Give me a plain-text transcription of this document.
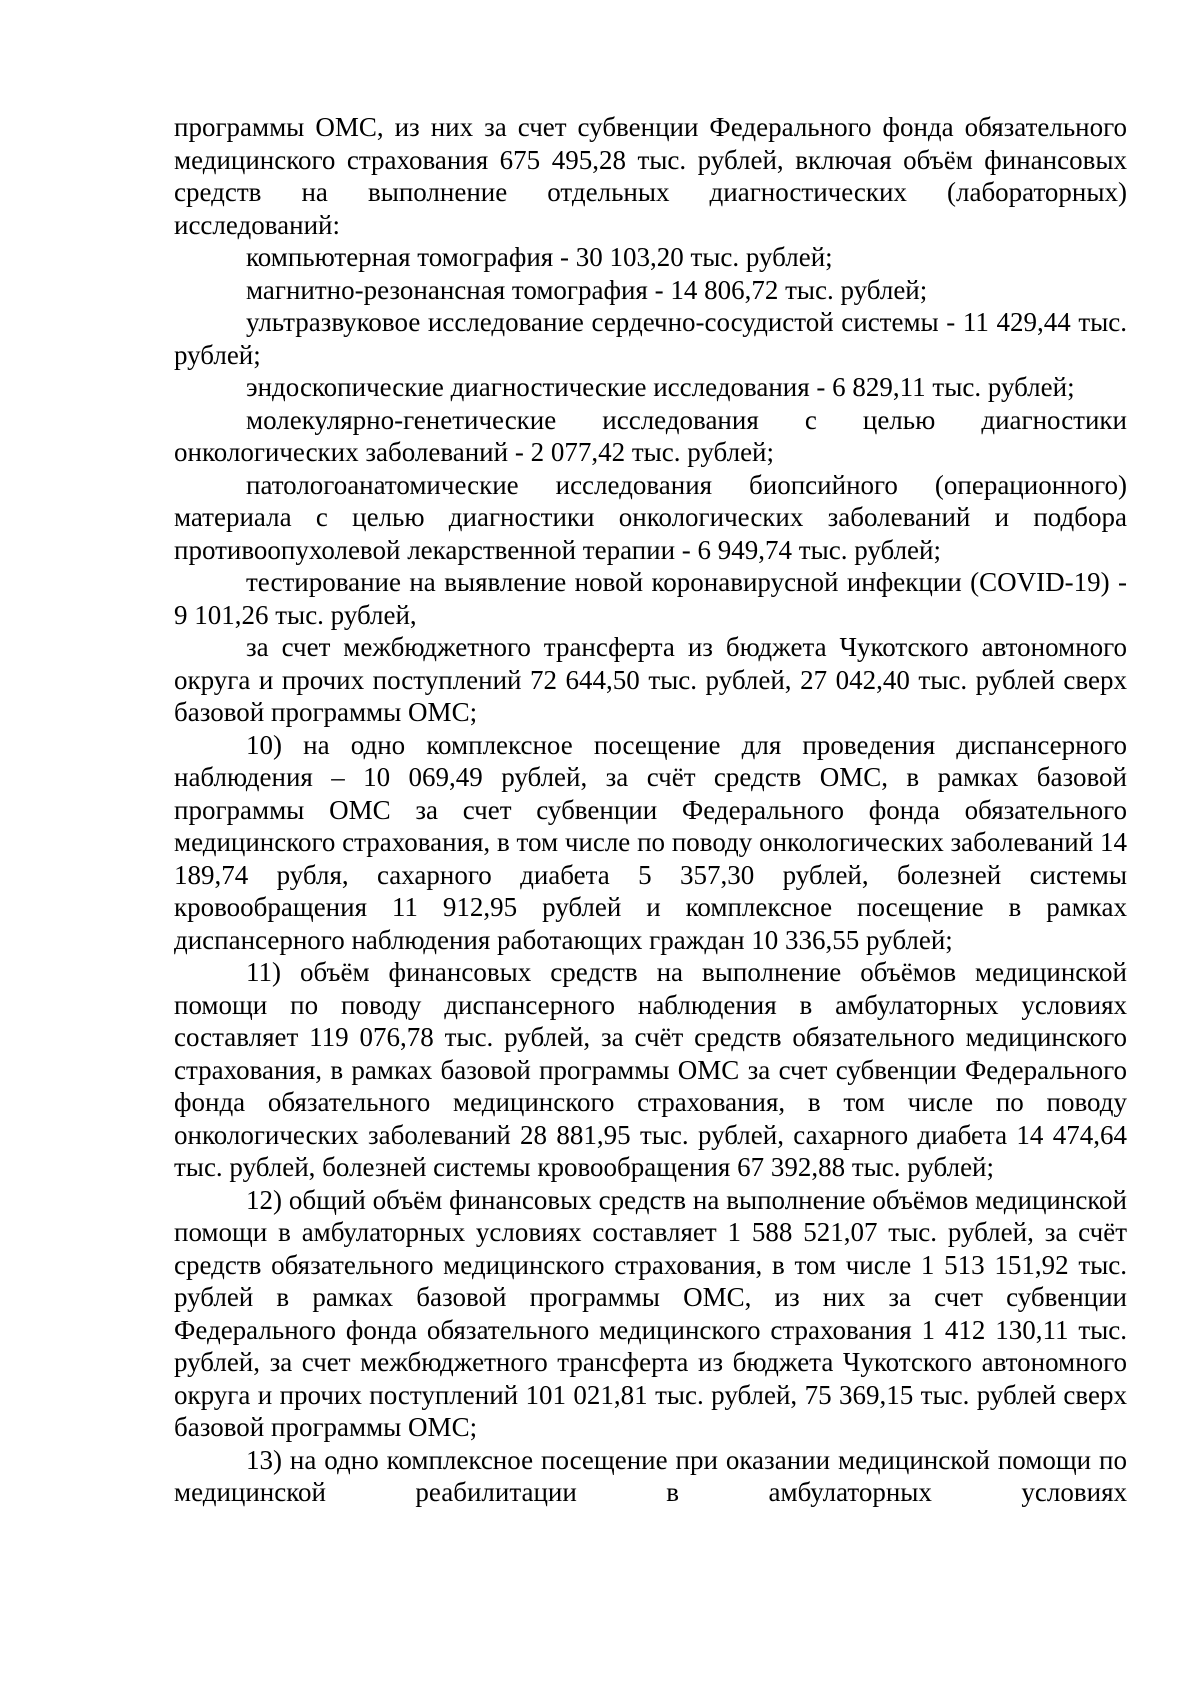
программы ОМС, из них за счет субвенции Федерального фонда обязательного медицинского страхования 675 495,28 тыс. рублей, включая объём финансовых средств на выполнение отдельных диагностических (лабораторных) исследований:

компьютерная томография - 30 103,20 тыс. рублей;

магнитно-резонансная томография - 14 806,72 тыс. рублей;

ультразвуковое исследование сердечно-сосудистой системы - 11 429,44 тыс. рублей;

эндоскопические диагностические исследования - 6 829,11 тыс. рублей;

молекулярно-генетические исследования с целью диагностики онкологических заболеваний - 2 077,42 тыс. рублей;

патологоанатомические исследования биопсийного (операционного) материала с целью диагностики онкологических заболеваний и подбора противоопухолевой лекарственной терапии - 6 949,74 тыс. рублей;

тестирование на выявление новой коронавирусной инфекции (COVID-19) - 9 101,26 тыс. рублей,

за счет межбюджетного трансферта из бюджета Чукотского автономного округа и прочих поступлений 72 644,50 тыс. рублей, 27 042,40 тыс. рублей сверх базовой программы ОМС;

10) на одно комплексное посещение для проведения диспансерного наблюдения – 10 069,49 рублей, за счёт средств ОМС, в рамках базовой программы ОМС за счет субвенции Федерального фонда обязательного медицинского страхования, в том числе по поводу онкологических заболеваний 14 189,74 рубля, сахарного диабета 5 357,30 рублей, болезней системы кровообращения 11 912,95 рублей и комплексное посещение в рамках диспансерного наблюдения работающих граждан 10 336,55 рублей;

11) объём финансовых средств на выполнение объёмов медицинской помощи по поводу диспансерного наблюдения в амбулаторных условиях составляет 119 076,78 тыс. рублей, за счёт средств обязательного медицинского страхования, в рамках базовой программы ОМС за счет субвенции Федерального фонда обязательного медицинского страхования, в том числе по поводу онкологических заболеваний 28 881,95 тыс. рублей, сахарного диабета 14 474,64 тыс. рублей, болезней системы кровообращения 67 392,88 тыс. рублей;

12) общий объём финансовых средств на выполнение объёмов медицинской помощи в амбулаторных условиях составляет 1 588 521,07 тыс. рублей, за счёт средств обязательного медицинского страхования, в том числе 1 513 151,92 тыс. рублей в рамках базовой программы ОМС, из них за счет субвенции Федерального фонда обязательного медицинского страхования 1 412 130,11 тыс. рублей, за счет межбюджетного трансферта из бюджета Чукотского автономного округа и прочих поступлений 101 021,81 тыс. рублей, 75 369,15 тыс. рублей сверх базовой программы ОМС;

13) на одно комплексное посещение при оказании медицинской помощи по медицинской реабилитации в амбулаторных условиях
